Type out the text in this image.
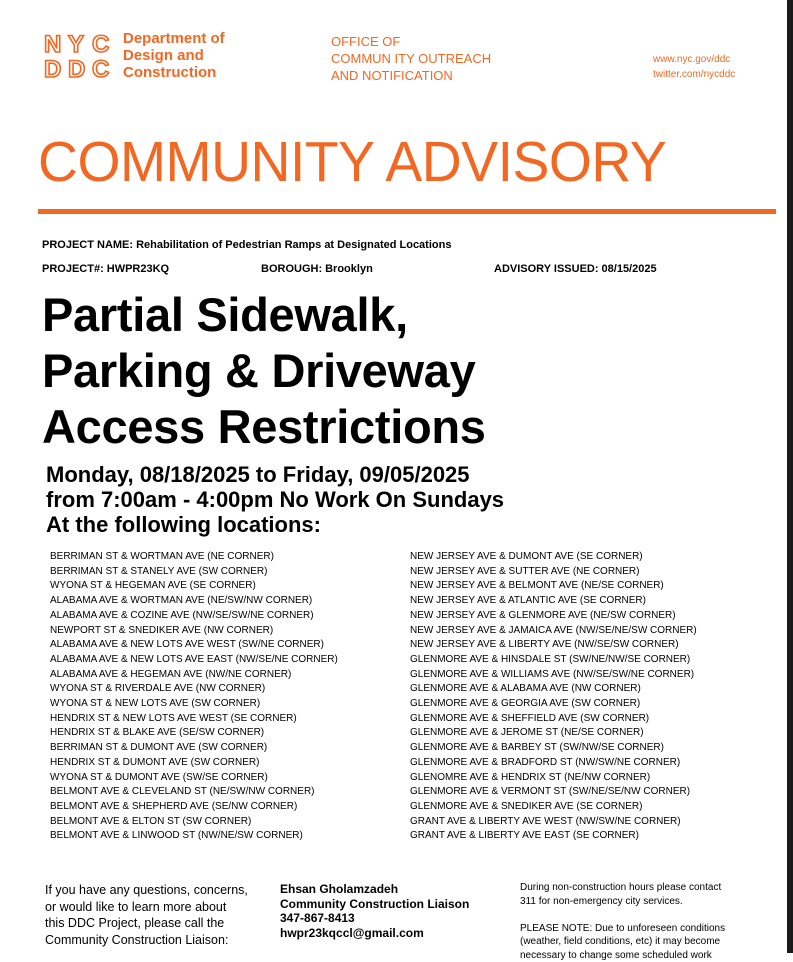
N Y C
D D C
Department of
Design and
Construction
OFFICE OF
COMMUN ITY OUTREACH
AND NOTIFICATION
www.nyc.gov/ddc
twitter.com/nycddc
COMMUNITY ADVISORY
PROJECT NAME: Rehabilitation of Pedestrian Ramps at Designated Locations
PROJECT#: HWPR23KQ	BOROUGH: Brooklyn	ADVISORY ISSUED: 08/15/2025
Partial Sidewalk,
Parking & Driveway
Access Restrictions
Monday, 08/18/2025 to Friday, 09/05/2025
from 7:00am - 4:00pm No Work On Sundays
At the following locations:
BERRIMAN ST & WORTMAN AVE (NE CORNER)
BERRIMAN ST & STANELY AVE (SW CORNER)
WYONA ST & HEGEMAN AVE (SE CORNER)
ALABAMA AVE & WORTMAN AVE (NE/SW/NW CORNER)
ALABAMA AVE & COZINE AVE (NW/SE/SW/NE CORNER)
NEWPORT ST & SNEDIKER AVE (NW CORNER)
ALABAMA AVE & NEW LOTS AVE WEST (SW/NE CORNER)
ALABAMA AVE & NEW LOTS AVE EAST (NW/SE/NE CORNER)
ALABAMA AVE & HEGEMAN AVE (NW/NE CORNER)
WYONA ST & RIVERDALE AVE (NW CORNER)
WYONA ST & NEW LOTS AVE (SW CORNER)
HENDRIX ST & NEW LOTS AVE WEST (SE CORNER)
HENDRIX ST & BLAKE AVE (SE/SW CORNER)
BERRIMAN ST & DUMONT AVE (SW CORNER)
HENDRIX ST & DUMONT AVE (SW CORNER)
WYONA ST & DUMONT AVE (SW/SE CORNER)
BELMONT AVE & CLEVELAND ST (NE/SW/NW CORNER)
BELMONT AVE & SHEPHERD AVE (SE/NW CORNER)
BELMONT AVE & ELTON ST (SW CORNER)
BELMONT AVE & LINWOOD ST (NW/NE/SW CORNER)
NEW JERSEY AVE & DUMONT AVE (SE CORNER)
NEW JERSEY AVE & SUTTER AVE (NE CORNER)
NEW JERSEY AVE & BELMONT AVE (NE/SE CORNER)
NEW JERSEY AVE & ATLANTIC AVE (SE CORNER)
NEW JERSEY AVE & GLENMORE AVE (NE/SW CORNER)
NEW JERSEY AVE & JAMAICA AVE (NW/SE/NE/SW CORNER)
NEW JERSEY AVE & LIBERTY AVE (NW/SE/SW CORNER)
GLENMORE AVE & HINSDALE ST (SW/NE/NW/SE CORNER)
GLENMORE AVE & WILLIAMS AVE (NW/SE/SW/NE CORNER)
GLENMORE AVE & ALABAMA AVE (NW CORNER)
GLENMORE AVE & GEORGIA AVE (SW CORNER)
GLENMORE AVE & SHEFFIELD AVE (SW CORNER)
GLENMORE AVE & JEROME ST (NE/SE CORNER)
GLENMORE AVE & BARBEY ST (SW/NW/SE CORNER)
GLENMORE AVE & BRADFORD ST (NW/SW/NE CORNER)
GLENOMRE AVE & HENDRIX ST (NE/NW CORNER)
GLENMORE AVE & VERMONT ST (SW/NE/SE/NW CORNER)
GLENMORE AVE & SNEDIKER AVE (SE CORNER)
GRANT AVE & LIBERTY AVE WEST (NW/SW/NE CORNER)
GRANT AVE & LIBERTY AVE EAST (SE CORNER)
If you have any questions, concerns,
or would like to learn more about
this DDC Project, please call the
Community Construction Liaison:
Ehsan Gholamzadeh
Community Construction Liaison
347-867-8413
hwpr23kqccl@gmail.com
During non-construction hours please contact
311 for non-emergency city services.

PLEASE NOTE: Due to unforeseen conditions
(weather, field conditions, etc) it may become
necessary to change some scheduled work
